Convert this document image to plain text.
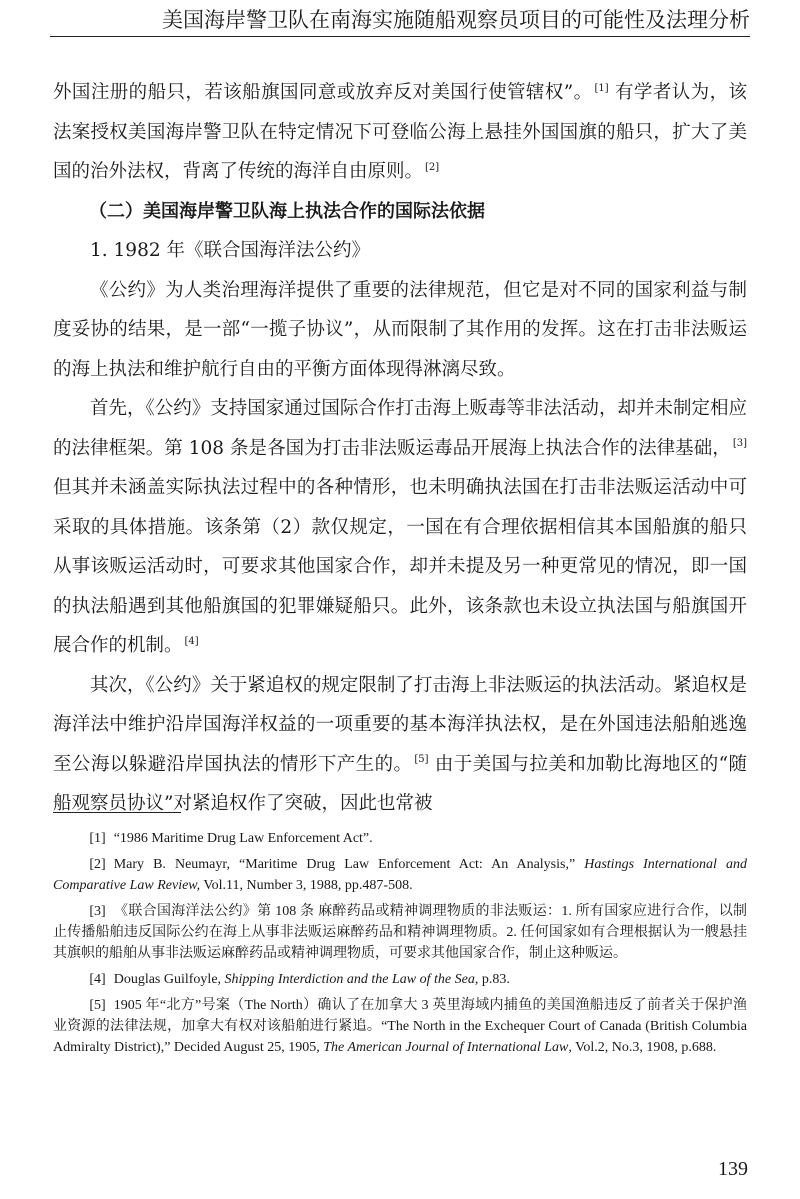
美国海岸警卫队在南海实施随船观察员项目的可能性及法理分析

外国注册的船只，若该船旗国同意或放弃反对美国行使管辖权”。 [1] 有学者认为，该法案授权美国海岸警卫队在特定情况下可登临公海上悬挂外国国旗的船只，扩大了美国的治外法权，背离了传统的海洋自由原则。 [2]

（二）美国海岸警卫队海上执法合作的国际法依据

1. 1982 年《联合国海洋法公约》

《公约》为人类治理海洋提供了重要的法律规范，但它是对不同的国家利益与制度妥协的结果，是一部“一揽子协议”，从而限制了其作用的发挥。这在打击非法贩运的海上执法和维护航行自由的平衡方面体现得淋漓尽致。

首先，《公约》支持国家通过国际合作打击海上贩毒等非法活动，却并未制定相应的法律框架。第 108 条是各国为打击非法贩运毒品开展海上执法合作的法律基础， [3] 但其并未涵盖实际执法过程中的各种情形，也未明确执法国在打击非法贩运活动中可采取的具体措施。该条第（2）款仅规定，一国在有合理依据相信其本国船旗的船只从事该贩运活动时，可要求其他国家合作，却并未提及另一种更常见的情况，即一国的执法船遇到其他船旗国的犯罪嫌疑船只。此外，该条款也未设立执法国与船旗国开展合作的机制。 [4]

其次，《公约》关于紧追权的规定限制了打击海上非法贩运的执法活动。紧追权是海洋法中维护沿岸国海洋权益的一项重要的基本海洋执法权，是在外国违法船舶逃逸至公海以躲避沿岸国执法的情形下产生的。 [5] 由于美国与拉美和加勒比海地区的“随船观察员协议”对紧追权作了突破，因此也常被

[1] “1986 Maritime Drug Law Enforcement Act”.

[2] Mary B. Neumayr, “Maritime Drug Law Enforcement Act: An Analysis,” Hastings International and Comparative Law Review, Vol.11, Number 3, 1988, pp.487-508.

[3] 《联合国海洋法公约》第 108 条 麻醉药品或精神调理物质的非法贩运：1. 所有国家应进行合作，以制止传播船舶违反国际公约在海上从事非法贩运麻醉药品和精神调理物质。2. 任何国家如有合理根据认为一艘悬挂其旗帜的船舶从事非法贩运麻醉药品或精神调理物质，可要求其他国家合作，制止这种贩运。

[4] Douglas Guilfoyle, Shipping Interdiction and the Law of the Sea, p.83.

[5] 1905 年“北方”号案（The North）确认了在加拿大 3 英里海域内捕鱼的美国渔船违反了前者关于保护渔业资源的法律法规，加拿大有权对该船舶进行紧追。“The North in the Exchequer Court of Canada (British Columbia Admiralty District),” Decided August 25, 1905, The American Journal of International Law, Vol.2, No.3, 1908, p.688.

139
